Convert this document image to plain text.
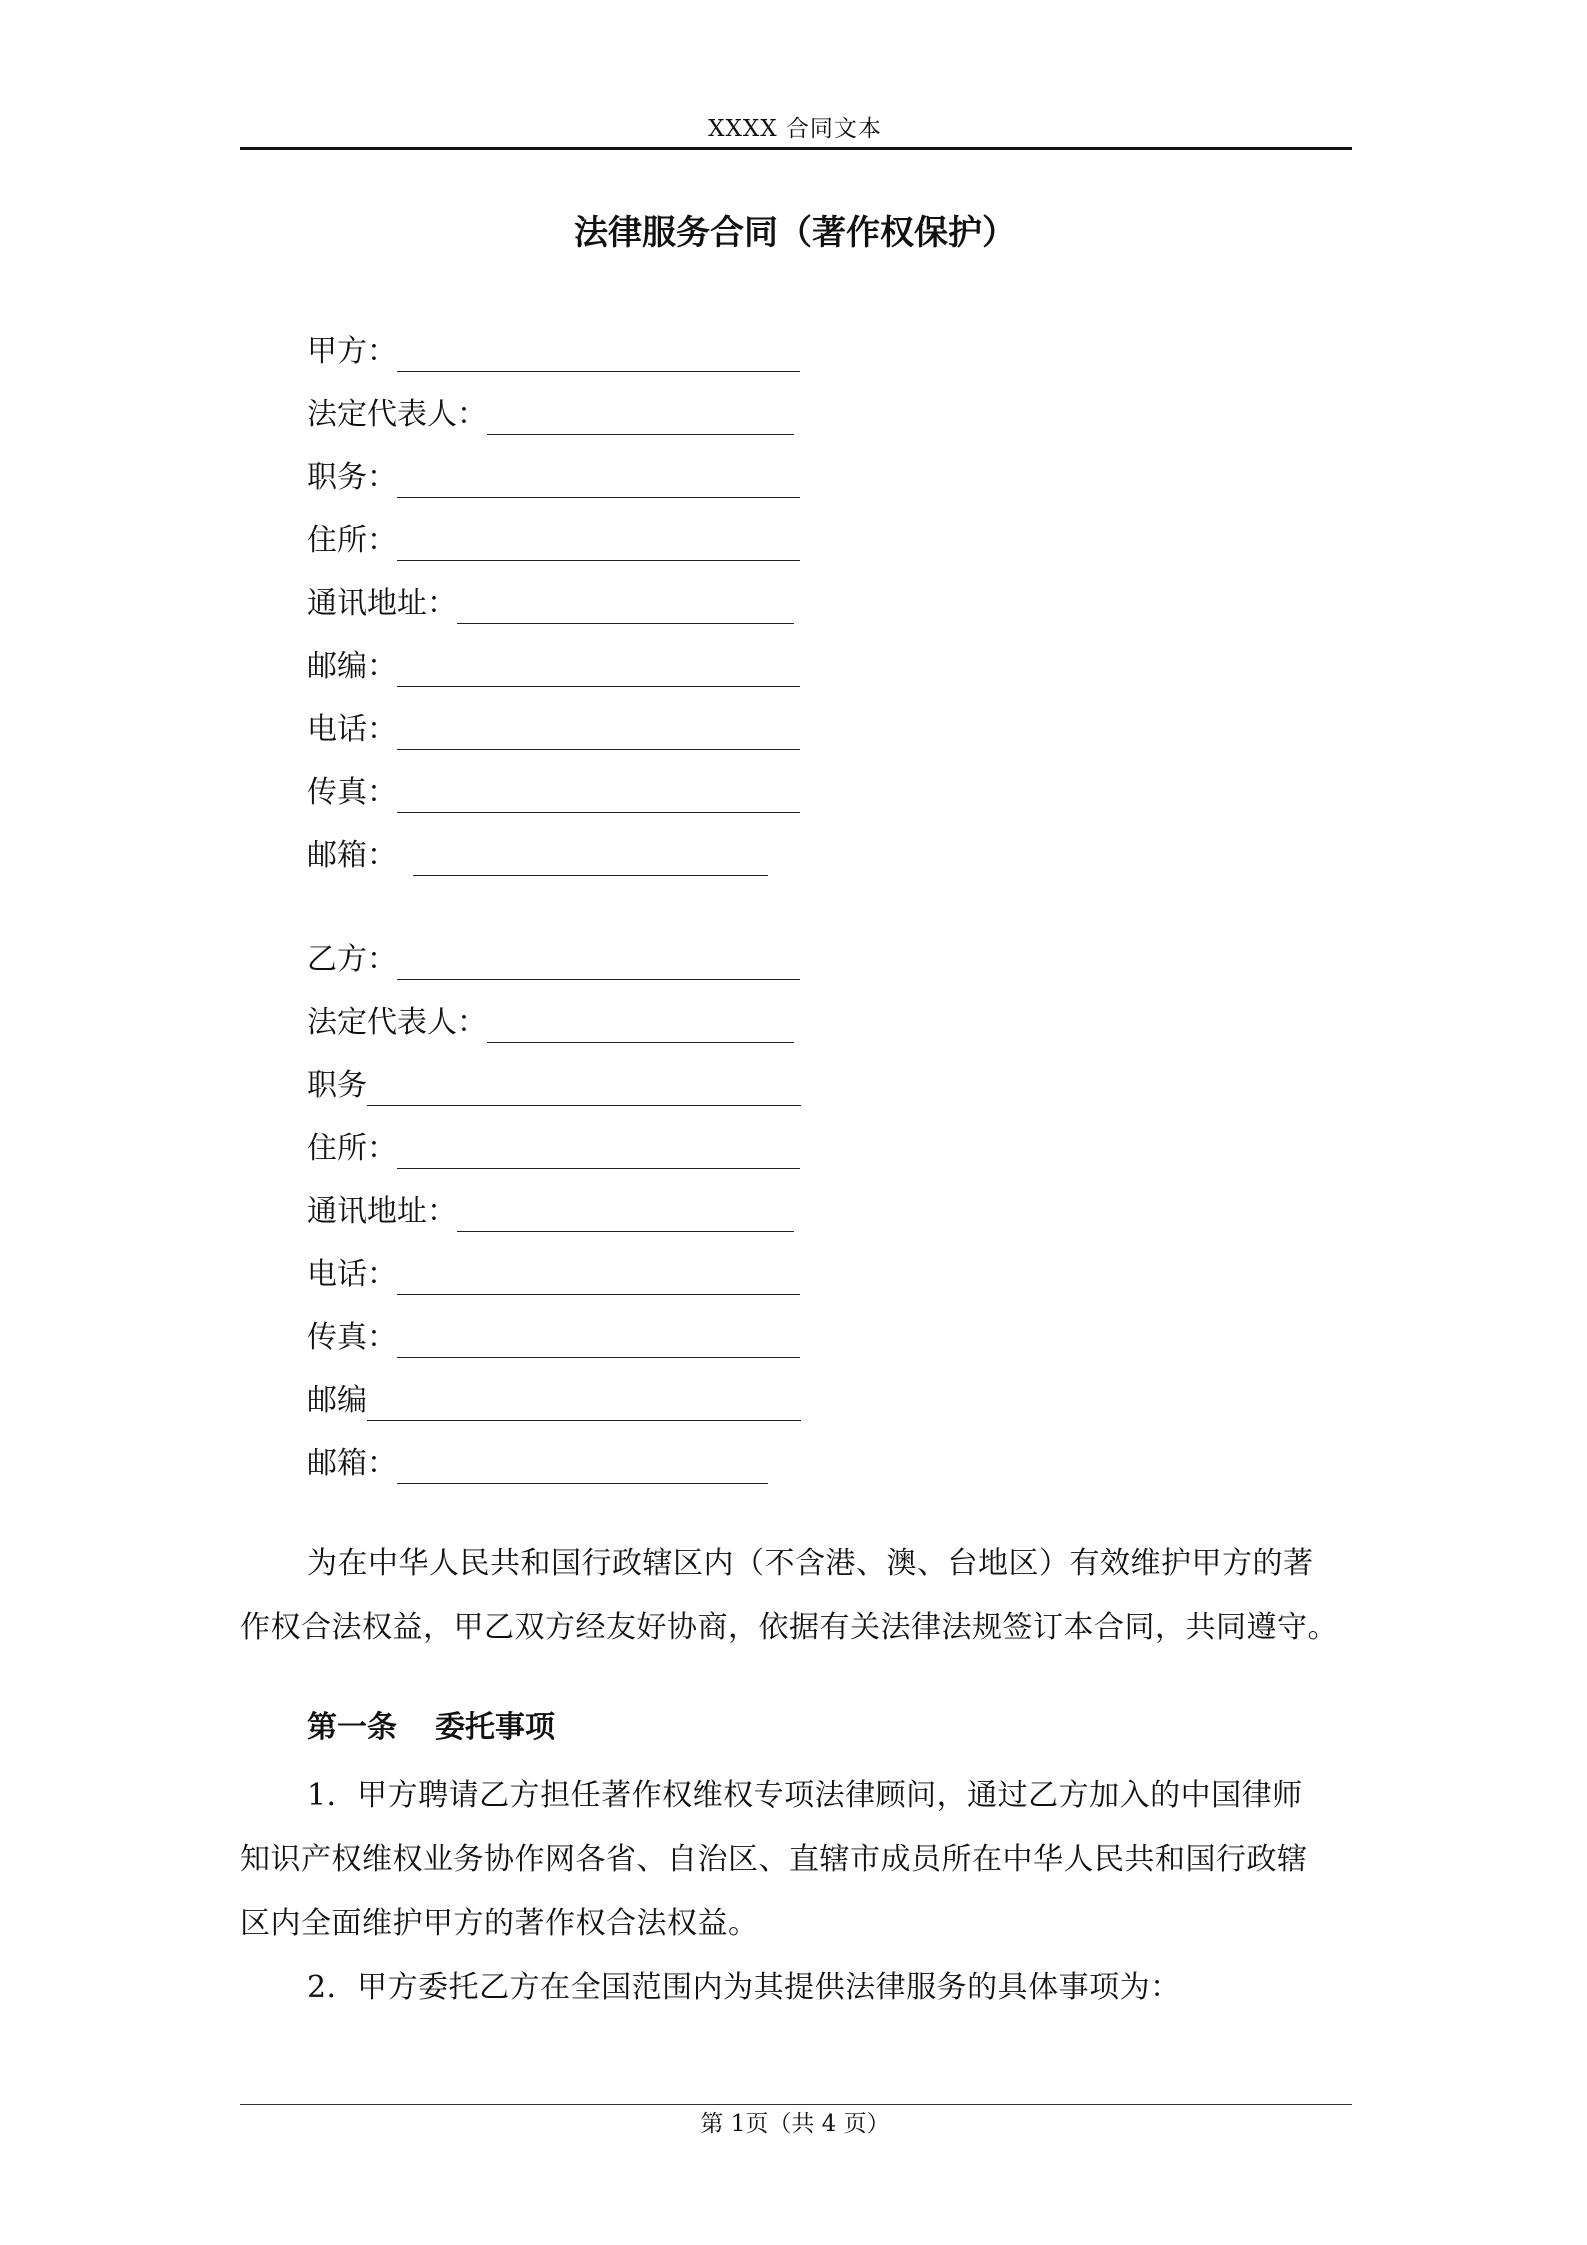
XXXX 合同文本
法律服务合同（著作权保护）
甲方：
法定代表人：
职务：
住所：
通讯地址：
邮编：
电话：
传真：
邮箱：
乙方：
法定代表人：
职务
住所：
通讯地址：
电话：
传真：
邮编
邮箱：
为在中华人民共和国行政辖区内（不含港、澳、台地区）有效维护甲方的著
作权合法权益，甲乙双方经友好协商，依据有关法律法规签订本合同，共同遵守。
第一条 委托事项
1．甲方聘请乙方担任著作权维权专项法律顾问，通过乙方加入的中国律师
知识产权维权业务协作网各省、自治区、直辖市成员所在中华人民共和国行政辖
区内全面维护甲方的著作权合法权益。
2．甲方委托乙方在全国范围内为其提供法律服务的具体事项为：
第 1页（共 4 页）
